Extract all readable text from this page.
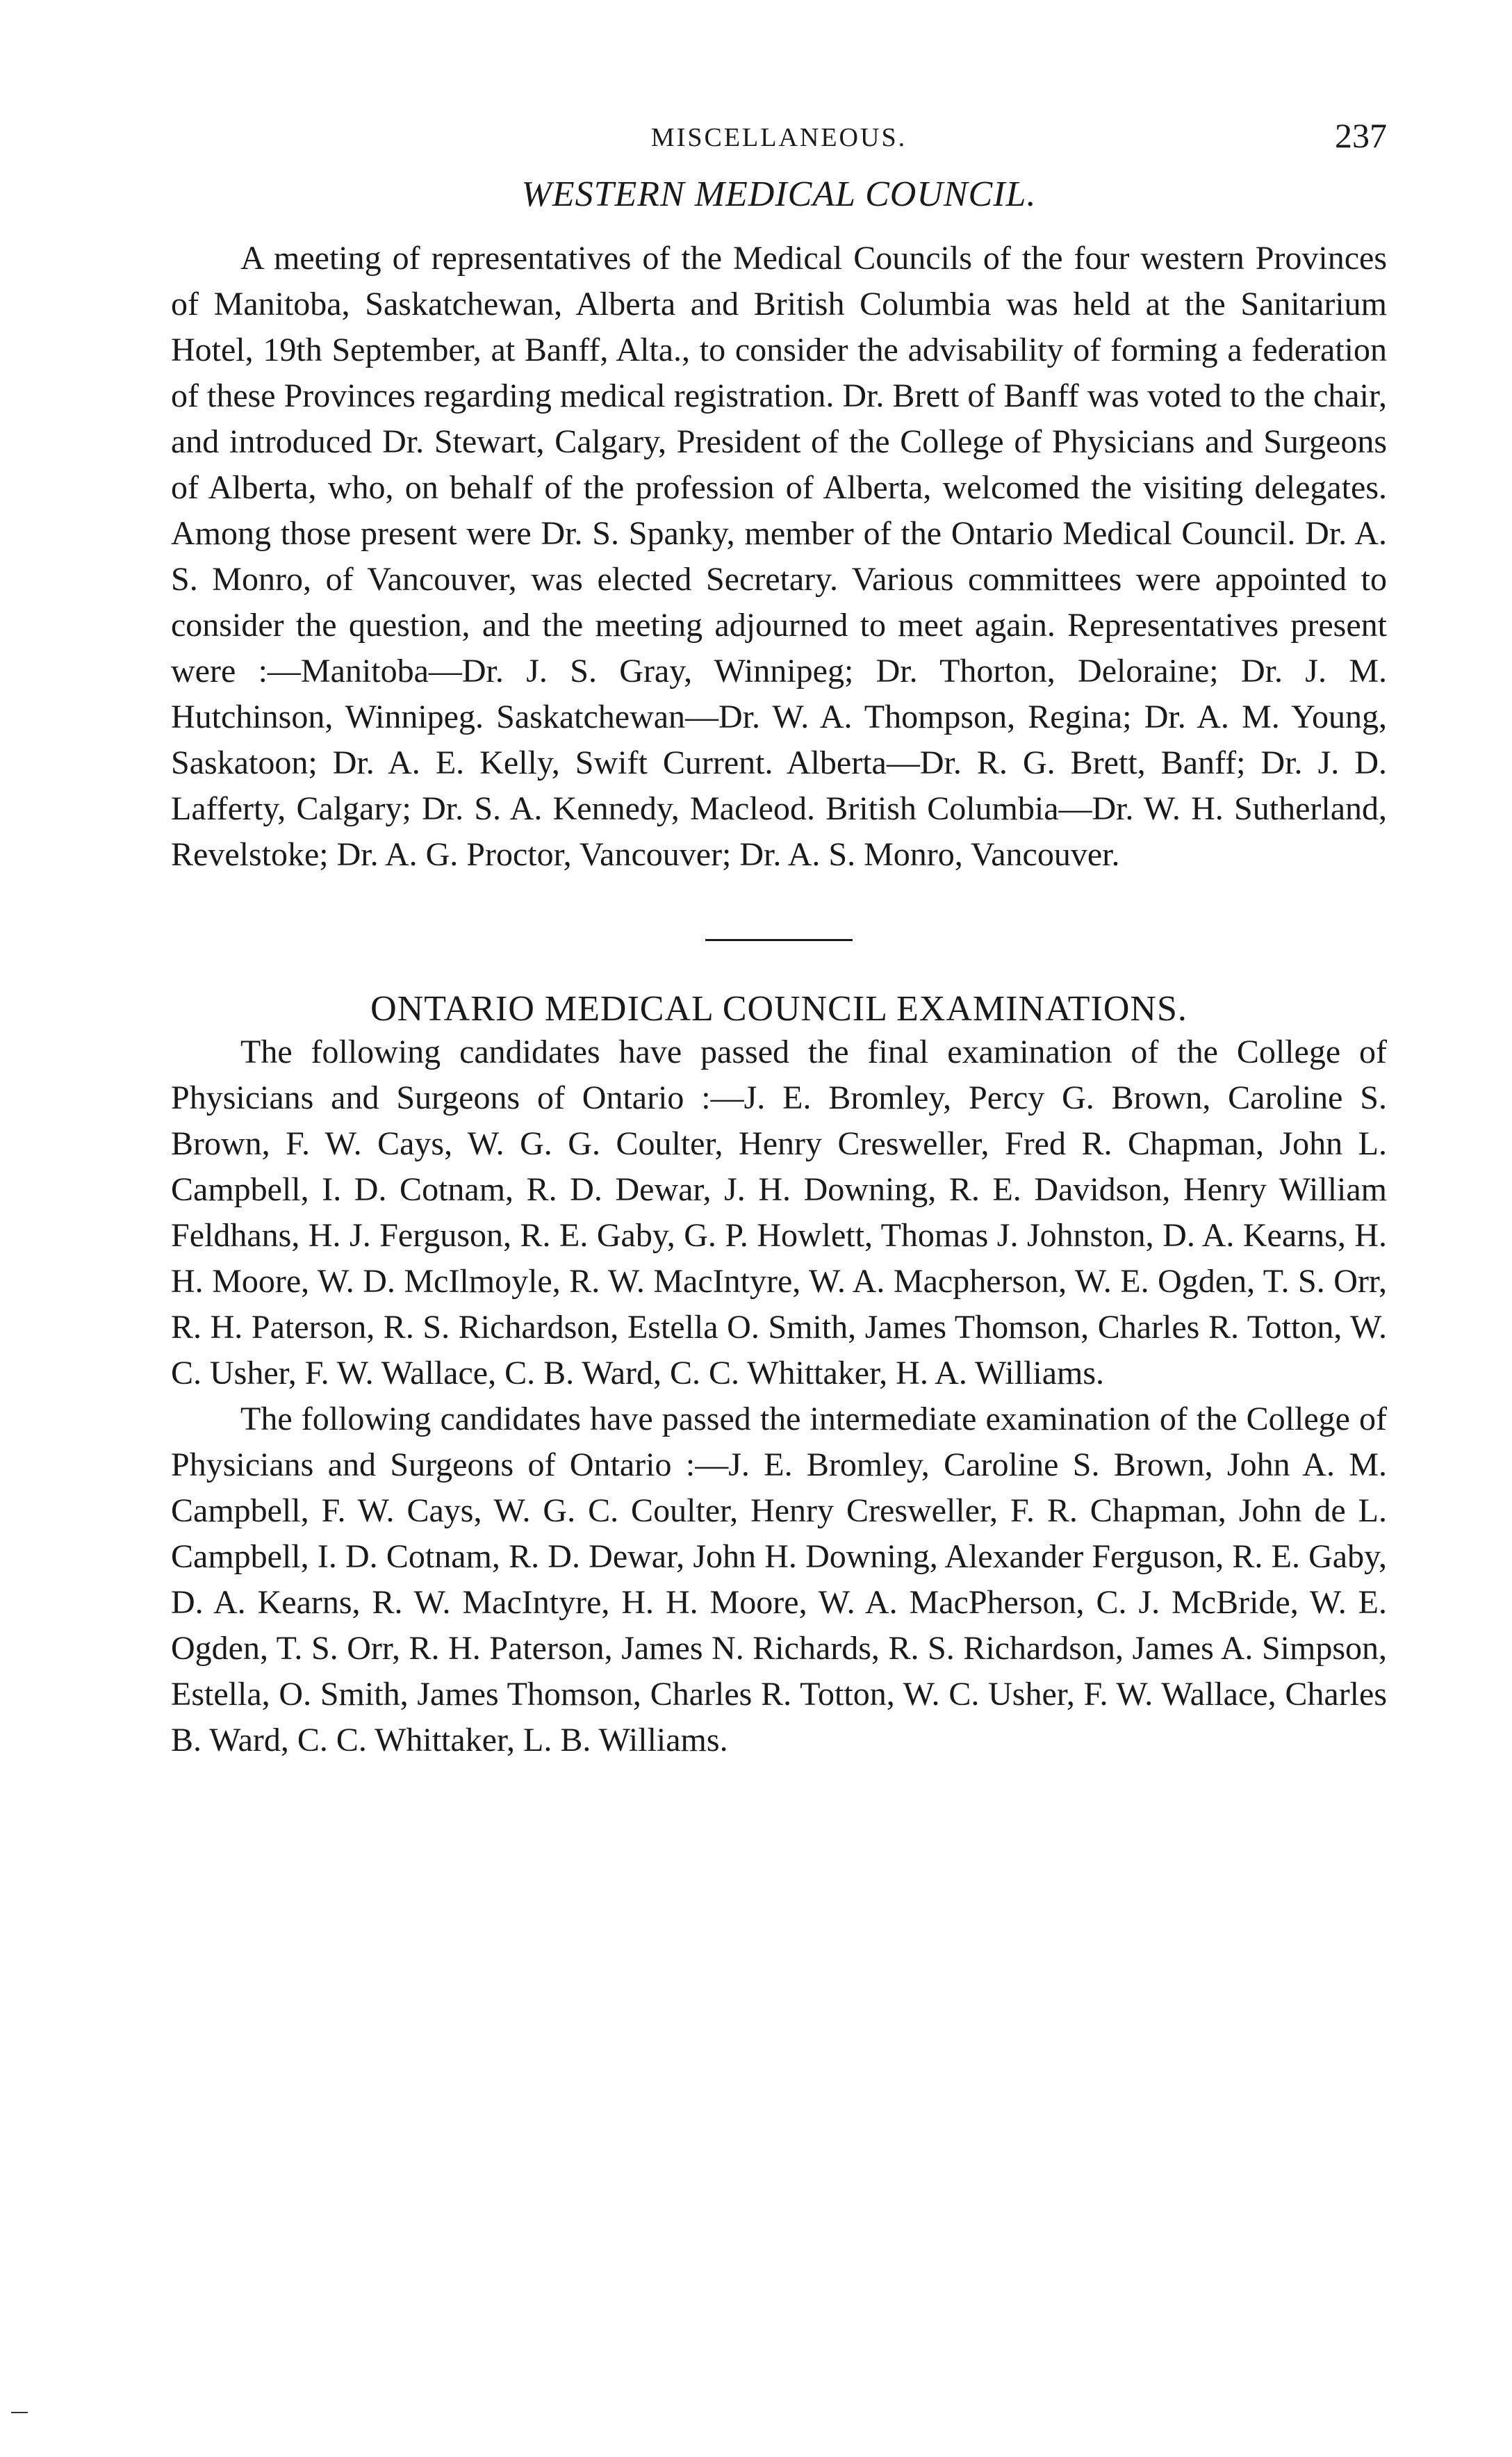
MISCELLANEOUS.	237
WESTERN MEDICAL COUNCIL.

A meeting of representatives of the Medical Councils of the four western Provinces of Manitoba, Saskatchewan, Alberta and British Columbia was held at the Sanitarium Hotel, 19th September, at Banff, Alta., to consider the advisability of forming a federation of these Provinces regarding medical registration. Dr. Brett of Banff was voted to the chair, and introduced Dr. Stewart, Calgary, President of the College of Physicians and Surgeons of Alberta, who, on behalf of the profession of Alberta, welcomed the visiting delegates. Among those present were Dr. S. Spanky, member of the Ontario Medical Council. Dr. A. S. Monro, of Vancouver, was elected Secretary. Various committees were appointed to consider the question, and the meeting adjourned to meet again. Representatives present were :—Manitoba—Dr. J. S. Gray, Winnipeg; Dr. Thorton, Deloraine; Dr. J. M. Hutchinson, Winnipeg. Saskatchewan—Dr. W. A. Thompson, Regina; Dr. A. M. Young, Saskatoon; Dr. A. E. Kelly, Swift Current. Alberta—Dr. R. G. Brett, Banff; Dr. J. D. Lafferty, Calgary; Dr. S. A. Kennedy, Macleod. British Columbia—Dr. W. H. Sutherland, Revelstoke; Dr. A. G. Proctor, Vancouver; Dr. A. S. Monro, Vancouver.

ONTARIO MEDICAL COUNCIL EXAMINATIONS.

The following candidates have passed the final examination of the College of Physicians and Surgeons of Ontario :—J. E. Bromley, Percy G. Brown, Caroline S. Brown, F. W. Cays, W. G. G. Coulter, Henry Cresweller, Fred R. Chapman, John L. Campbell, I. D. Cotnam, R. D. Dewar, J. H. Downing, R. E. Davidson, Henry William Feldhans, H. J. Ferguson, R. E. Gaby, G. P. Howlett, Thomas J. Johnston, D. A. Kearns, H. H. Moore, W. D. McIlmoyle, R. W. MacIntyre, W. A. Macpherson, W. E. Ogden, T. S. Orr, R. H. Paterson, R. S. Richardson, Estella O. Smith, James Thomson, Charles R. Totton, W. C. Usher, F. W. Wallace, C. B. Ward, C. C. Whittaker, H. A. Williams.

The following candidates have passed the intermediate examination of the College of Physicians and Surgeons of Ontario :—J. E. Bromley, Caroline S. Brown, John A. M. Campbell, F. W. Cays, W. G. C. Coulter, Henry Cresweller, F. R. Chapman, John de L. Campbell, I. D. Cotnam, R. D. Dewar, John H. Downing, Alexander Ferguson, R. E. Gaby, D. A. Kearns, R. W. MacIntyre, H. H. Moore, W. A. MacPherson, C. J. McBride, W. E. Ogden, T. S. Orr, R. H. Paterson, James N. Richards, R. S. Richardson, James A. Simpson, Estella, O. Smith, James Thomson, Charles R. Totton, W. C. Usher, F. W. Wallace, Charles B. Ward, C. C. Whittaker, L. B. Williams.
